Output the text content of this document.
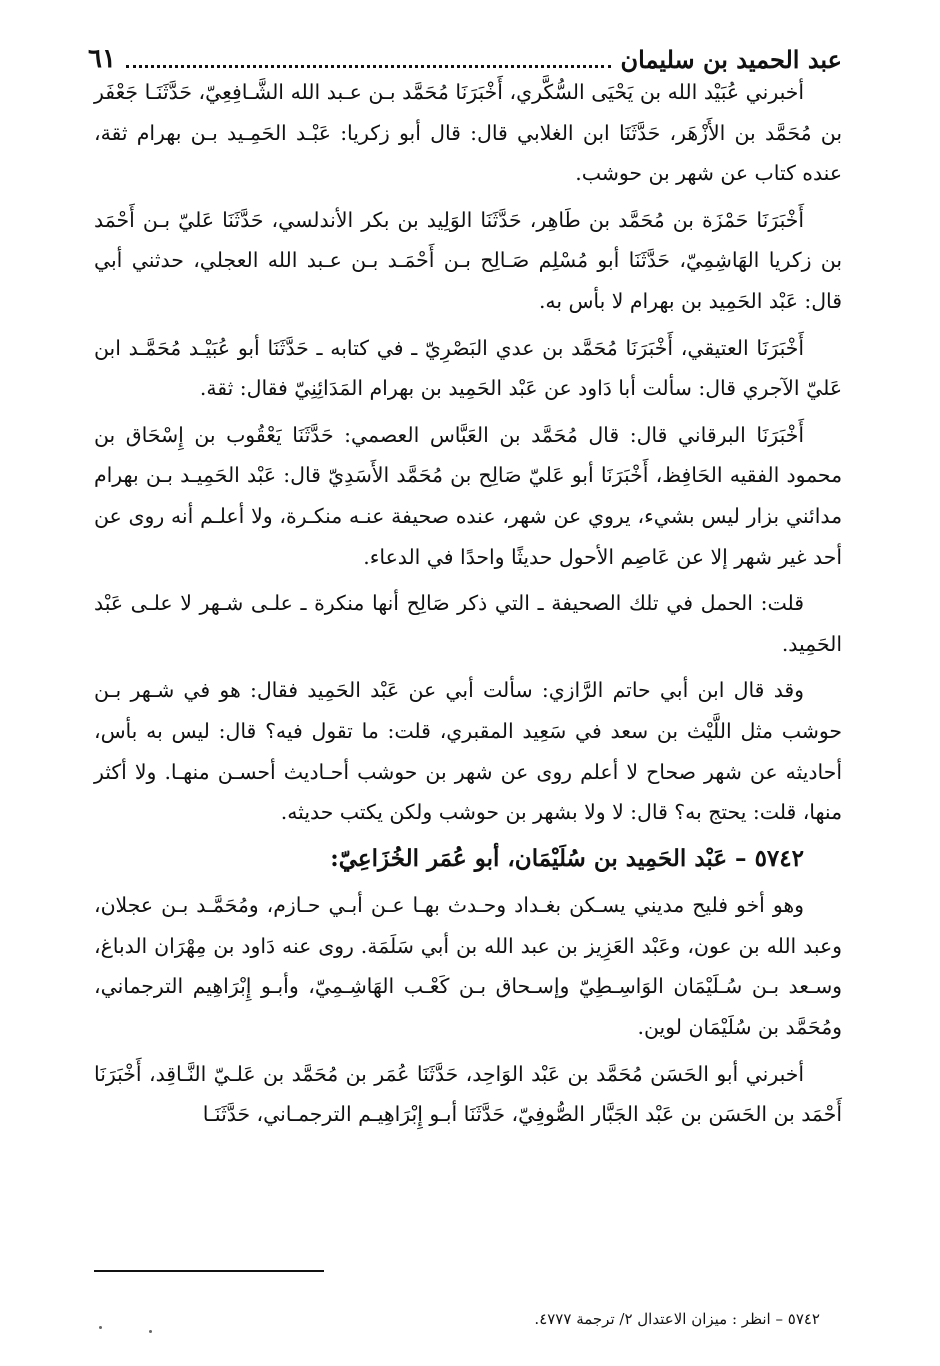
عبد الحميد بن سليمان
٦١

أخبرني عُبَيْد الله بن يَحْيَى السُّكَّري، أَخْبَرَنَا مُحَمَّد بـن عـبد الله الشَّـافِعِيّ، حَدَّثَنَـا جَعْفَر بن مُحَمَّد بن الأَزْهَر، حَدَّثَنَا ابن الغلابي قال: قال أبو زكريا: عَبْـد الحَمِـيد بـن بهرام ثقة، عنده كتاب عن شهر بن حوشب.

أَخْبَرَنَا حَمْزَة بن مُحَمَّد بن طَاهِر، حَدَّثَنَا الوَلِيد بن بكر الأندلسي، حَدَّثَنَا عَليّ بـن أَحْمَد بن زكريا الهَاشِمِيّ، حَدَّثَنَا أبو مُسْلِم صَـالِح بـن أَحْمَـد بـن عـبد الله العجلي، حدثني أبي قال: عَبْد الحَمِيد بن بهرام لا بأس به.

أَخْبَرَنَا العتيقي، أَخْبَرَنَا مُحَمَّد بن عدي البَصْرِيّ ـ في كتابه ـ حَدَّثَنَا أبو عُبَيْـد مُحَمَّـد ابن عَليّ الآجري قال: سألت أبا دَاود عن عَبْد الحَمِيد بن بهرام المَدَائِنِيّ فقال: ثقة.

أَخْبَرَنَا البرقاني قال: قال مُحَمَّد بن العَبَّاس العصمي: حَدَّثَنَا يَعْقُوب بن إِسْحَاق بن محمود الفقيه الحَافِظ، أَخْبَرَنَا أبو عَليّ صَالِح بن مُحَمَّد الأَسَدِيّ قال: عَبْد الحَمِيـد بـن بهرام مدائني بزار ليس بشيء، يروي عن شهر، عنده صحيفة عنـه منكـرة، ولا أعلـم أنه روى عن أحد غير شهر إلا عن عَاصِم الأحول حديثًا واحدًا في الدعاء.

قلت: الحمل في تلك الصحيفة ـ التي ذكر صَالِح أنها منكرة ـ علـى شـهر لا علـى عَبْد الحَمِيد.

وقد قال ابن أبي حاتم الرَّازي: سألت أبي عن عَبْد الحَمِيد فقال: هو في شـهر بـن حوشب مثل اللَّيْث بن سعد في سَعِيد المقبري، قلت: ما تقول فيه؟ قال: ليس به بأس، أحاديثه عن شهر صحاح لا أعلم روى عن شهر بن حوشب أحـاديث أحسـن منهـا. ولا أكثر منها، قلت: يحتج به؟ قال: لا ولا بشهر بن حوشب ولكن يكتب حديثه.

٥٧٤٢ – عَبْد الحَمِيد بن سُلَيْمَان، أبو عُمَر الخُزَاعِيّ:

وهو أخو فليح مديني يسـكن بغـداد وحـدث بهـا عـن أبـي حـازم، ومُحَمَّـد بـن عجلان، وعبد الله بن عون، وعَبْد العَزِيز بن عبد الله بن أبي سَلَمَة. روى عنه دَاود بن مِهْرَان الدباغ، وسـعد بـن سُـلَيْمَان الوَاسِـطِيّ وإسـحاق بـن كَعْـب الهَاشِـمِيّ، وأبـو إِبْرَاهِيم الترجماني، ومُحَمَّد بن سُلَيْمَان لوين.

أخبرني أبو الحَسَن مُحَمَّد بن عَبْد الوَاحِد، حَدَّثَنَا عُمَر بن مُحَمَّد بن عَلـيّ النَّـاقِد، أَخْبَرَنَا أَحْمَد بن الحَسَن بن عَبْد الجَبَّار الصُّوفِيّ، حَدَّثَنَا أبـو إِبْرَاهِيـم الترجمـاني، حَدَّثَنَـا

٥٧٤٢ – انظر : ميزان الاعتدال ٢/ ترجمة ٤٧٧٧.
